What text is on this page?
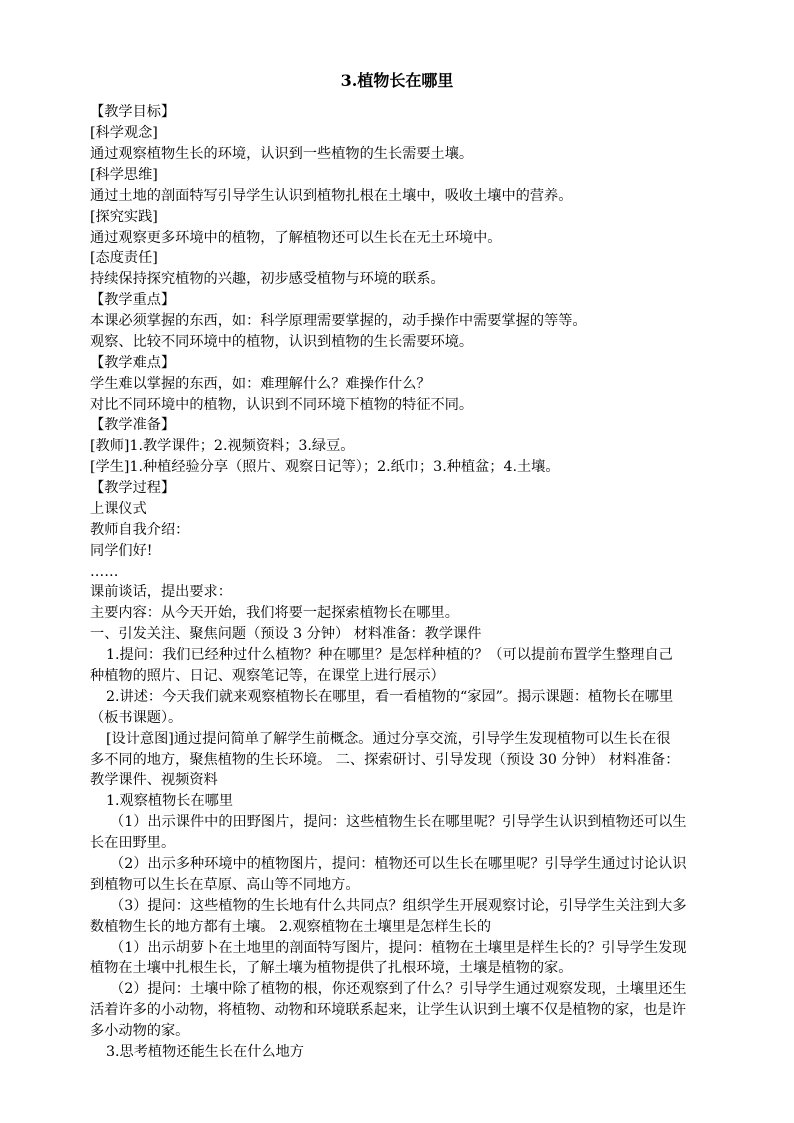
3.植物长在哪里
【教学目标】
[科学观念]
通过观察植物生长的环境，认识到一些植物的生长需要土壤。
[科学思维]
通过土地的剖面特写引导学生认识到植物扎根在土壤中，吸收土壤中的营养。
[探究实践]
通过观察更多环境中的植物，了解植物还可以生长在无土环境中。
[态度责任]
持续保持探究植物的兴趣，初步感受植物与环境的联系。
【教学重点】
本课必须掌握的东西，如：科学原理需要掌握的，动手操作中需要掌握的等等。
观察、比较不同环境中的植物，认识到植物的生长需要环境。
【教学难点】
学生难以掌握的东西，如：难理解什么？难操作什么？
对比不同环境中的植物，认识到不同环境下植物的特征不同。
【教学准备】
[教师]1.教学课件；2.视频资料；3.绿豆。
[学生]1.种植经验分享（照片、观察日记等）；2.纸巾；3.种植盆；4.土壤。
【教学过程】
上课仪式
教师自我介绍：
同学们好!
……
课前谈话，提出要求：
主要内容：从今天开始，我们将要一起探索植物长在哪里。
一、引发关注、聚焦问题（预设 3 分钟） 材料准备：教学课件
1.提问：我们已经种过什么植物？种在哪里？是怎样种植的？（可以提前布置学生整理自己
种植物的照片、日记、观察笔记等，在课堂上进行展示）
2.讲述：今天我们就来观察植物长在哪里，看一看植物的“家园”。揭示课题：植物长在哪里
（板书课题）。
[设计意图]通过提问简单了解学生前概念。通过分享交流，引导学生发现植物可以生长在很
多不同的地方，聚焦植物的生长环境。 二、探索研讨、引导发现（预设 30 分钟） 材料准备：
教学课件、视频资料
1.观察植物长在哪里
（1）出示课件中的田野图片，提问：这些植物生长在哪里呢？引导学生认识到植物还可以生
长在田野里。
（2）出示多种环境中的植物图片，提问：植物还可以生长在哪里呢？引导学生通过讨论认识
到植物可以生长在草原、高山等不同地方。
（3）提问：这些植物的生长地有什么共同点？组织学生开展观察讨论，引导学生关注到大多
数植物生长的地方都有土壤。 2.观察植物在土壤里是怎样生长的
（1）出示胡萝卜在土地里的剖面特写图片，提问：植物在土壤里是样生长的？引导学生发现
植物在土壤中扎根生长，了解土壤为植物提供了扎根环境，土壤是植物的家。
（2）提问：土壤中除了植物的根，你还观察到了什么？引导学生通过观察发现，土壤里还生
活着许多的小动物，将植物、动物和环境联系起来，让学生认识到土壤不仅是植物的家，也是许
多小动物的家。
3.思考植物还能生长在什么地方
